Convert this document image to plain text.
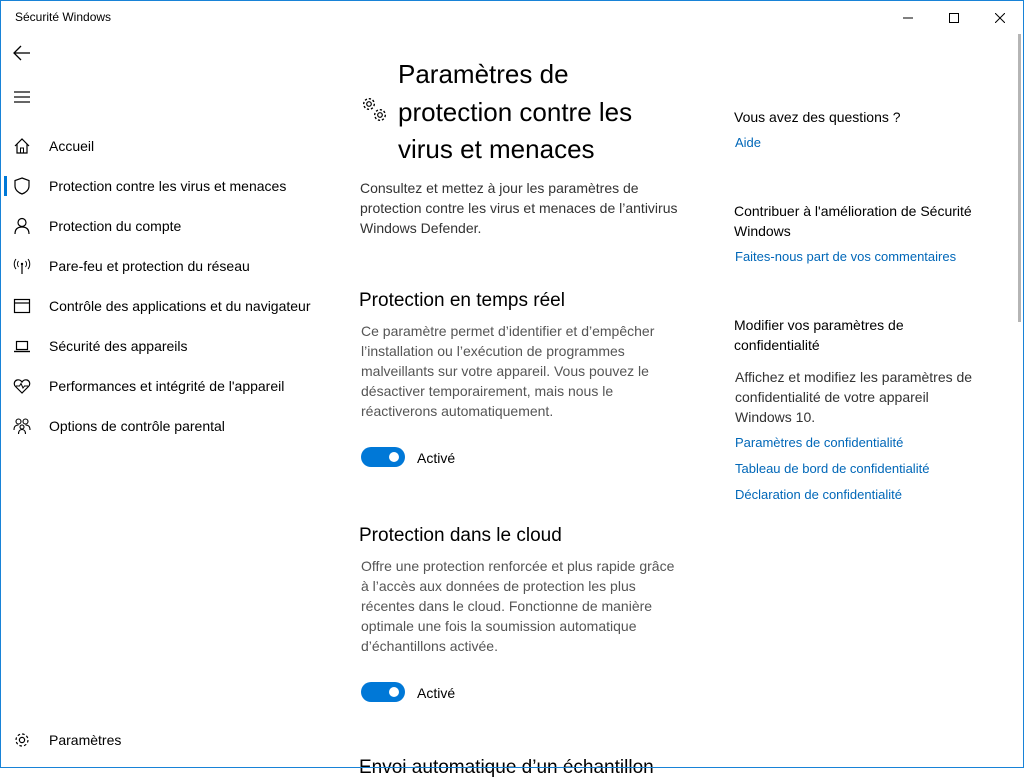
Sécurité Windows
Accueil
Protection contre les virus et menaces
Protection du compte
Pare-feu et protection du réseau
Contrôle des applications et du navigateur
Sécurité des appareils
Performances et intégrité de l'appareil
Options de contrôle parental
Paramètres
Paramètres de protection contre les virus et menaces

Consultez et mettez à jour les paramètres de protection contre les virus et menaces de l’antivirus Windows Defender.

Protection en temps réel

Ce paramètre permet d’identifier et d’empêcher l’installation ou l’exécution de programmes malveillants sur votre appareil. Vous pouvez le désactiver temporairement, mais nous le réactiverons automatiquement.

Activé
Protection dans le cloud

Offre une protection renforcée et plus rapide grâce à l’accès aux données de protection les plus récentes dans le cloud. Fonctionne de manière optimale une fois la soumission automatique d’échantillons activée.

Activé
Envoi automatique d’un échantillon
Vous avez des questions ?
Aide
Contribuer à l'amélioration de Sécurité Windows
Faites-nous part de vos commentaires
Modifier vos paramètres de confidentialité

Affichez et modifiez les paramètres de confidentialité de votre appareil Windows 10.

Paramètres de confidentialité
Tableau de bord de confidentialité
Déclaration de confidentialité
